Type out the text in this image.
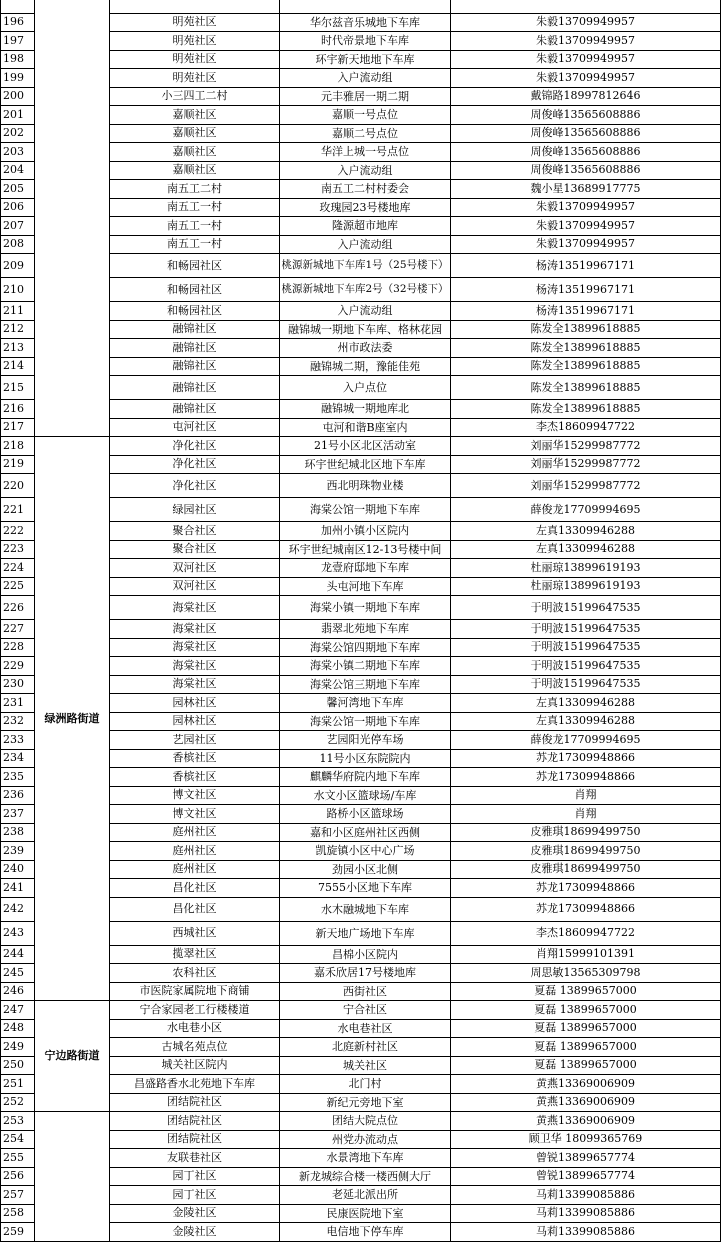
196		明苑社区	华尔兹音乐城地下车库	朱毅13709949957
197		明苑社区	时代帝景地下车库	朱毅13709949957
198		明苑社区	环宇新天地地下车库	朱毅13709949957
199		明苑社区	入户流动组	朱毅13709949957
200		小三四工二村	元丰雅居一期二期	戴锦路18997812646
201		嘉顺社区	嘉顺一号点位	周俊峰13565608886
202		嘉顺社区	嘉顺二号点位	周俊峰13565608886
203		嘉顺社区	华洋上城一号点位	周俊峰13565608886
204		嘉顺社区	入户流动组	周俊峰13565608886
205		南五工二村	南五工二村村委会	魏小星13689917775
206		南五工一村	玫瑰园23号楼地库	朱毅13709949957
207		南五工一村	隆源超市地库	朱毅13709949957
208		南五工一村	入户流动组	朱毅13709949957
209		和畅园社区	桃源新城地下车库1号（25号楼下）	杨涛13519967171
210		和畅园社区	桃源新城地下车库2号（32号楼下）	杨涛13519967171
211		和畅园社区	入户流动组	杨涛13519967171
212		融锦社区	融锦城一期地下车库、格林花园	陈发全13899618885
213		融锦社区	州市政法委	陈发全13899618885
214		融锦社区	融锦城二期，豫能佳苑	陈发全13899618885
215		融锦社区	入户点位	陈发全13899618885
216		融锦社区	融锦城一期地库北	陈发全13899618885
217		屯河社区	屯河和谐B座室内	李杰18609947722
218	绿洲路街道	净化社区	21号小区北区活动室	刘丽华15299987772
219		净化社区	环宇世纪城北区地下车库	刘丽华15299987772
220		净化社区	西北明珠物业楼	刘丽华15299987772
221		绿园社区	海棠公馆一期地下车库	薛俊龙17709994695
222		聚合社区	加州小镇小区院内	左真13309946288
223		聚合社区	环宇世纪城南区12-13号楼中间	左真13309946288
224		双河社区	龙壹府邸地下车库	杜丽琼13899619193
225		双河社区	头屯河地下车库	杜丽琼13899619193
226		海棠社区	海棠小镇一期地下车库	于明波15199647535
227		海棠社区	翡翠北苑地下车库	于明波15199647535
228		海棠社区	海棠公馆四期地下车库	于明波15199647535
229		海棠社区	海棠小镇二期地下车库	于明波15199647535
230		海棠社区	海棠公馆三期地下车库	于明波15199647535
231		园林社区	馨河湾地下车库	左真13309946288
232		园林社区	海棠公馆一期地下车库	左真13309946288
233		艺园社区	艺园阳光停车场	薛俊龙17709994695
234		香槟社区	11号小区东院院内	苏龙17309948866
235		香槟社区	麒麟华府院内地下车库	苏龙17309948866
236		博文社区	水文小区篮球场/车库	肖翔
237		博文社区	路桥小区篮球场	肖翔
238		庭州社区	嘉和小区庭州社区西侧	皮雅琪18699499750
239		庭州社区	凯旋镇小区中心广场	皮雅琪18699499750
240		庭州社区	劲园小区北侧	皮雅琪18699499750
241		昌化社区	7555小区地下车库	苏龙17309948866
242		昌化社区	水木融城地下车库	苏龙17309948866
243		西城社区	新天地广场地下车库	李杰18609947722
244		揽翠社区	昌棉小区院内	肖翔15999101391
245		农科社区	嘉禾欣居17号楼地库	周思敏13565309798
246		市医院家属院地下商铺	西街社区	夏磊 13899657000
247	宁边路街道	宁合家园老工行楼楼道	宁合社区	夏磊 13899657000
248		水电巷小区	水电巷社区	夏磊 13899657000
249		古城名苑点位	北庭新村社区	夏磊 13899657000
250		城关社区院内	城关社区	夏磊 13899657000
251		昌盛路香水北苑地下车库	北门村	黄燕13369006909
252		团结院社区	新纪元旁地下室	黄燕13369006909
253		团结院社区	团结大院点位	黄燕13369006909
254		团结院社区	州党办流动点	顾卫华 18099365769
255		友联巷社区	水景湾地下车库	曾锐13899657774
256		园丁社区	新龙城综合楼一楼西侧大厅	曾锐13899657774
257		园丁社区	老延北派出所	马莉13399085886
258		金陵社区	民康医院地下室	马莉13399085886
259		金陵社区	电信地下停车库	马莉13399085886
